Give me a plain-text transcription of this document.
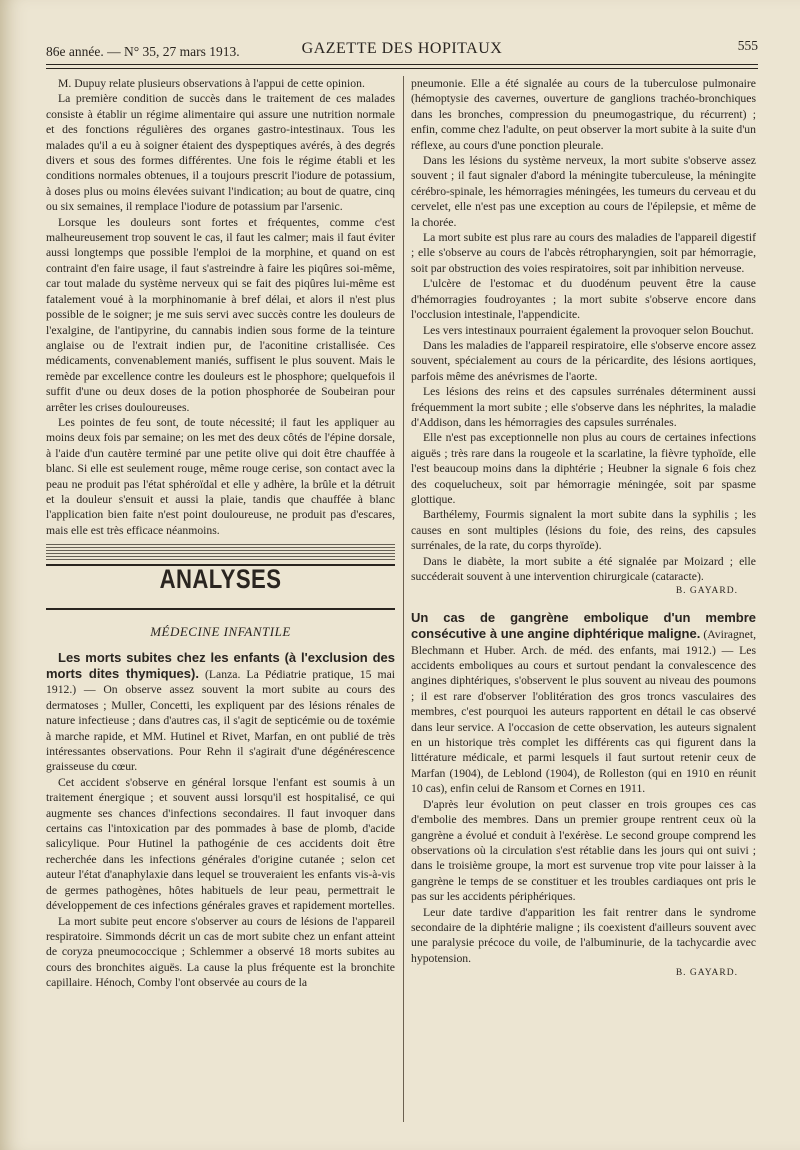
86e année. — N° 35, 27 mars 1913.	GAZETTE DES HOPITAUX	555

M. Dupuy relate plusieurs observations à l'appui de cette opinion.

La première condition de succès dans le traitement de ces malades consiste à établir un régime alimentaire qui assure une nutrition normale et des fonctions régulières des organes gastro-intestinaux. Tous les malades qu'il a eu à soigner étaient des dyspeptiques avérés, à des degrés divers et sous des formes différentes. Une fois le régime établi et les conditions normales obtenues, il a toujours prescrit l'iodure de potassium, à doses plus ou moins élevées suivant l'indication; au bout de quatre, cinq ou six semaines, il remplace l'iodure de potassium par l'arsenic.

Lorsque les douleurs sont fortes et fréquentes, comme c'est malheureusement trop souvent le cas, il faut les calmer; mais il faut éviter aussi longtemps que possible l'emploi de la morphine, et quand on est contraint d'en faire usage, il faut s'astreindre à faire les piqûres soi-même, car tout malade du système nerveux qui se fait des piqûres lui-même est fatalement voué à la morphinomanie à bref délai, et alors il n'est plus possible de le soigner; je me suis servi avec succès contre les douleurs de l'exalgine, de l'antipyrine, du cannabis indien sous forme de la teinture anglaise ou de l'extrait indien pur, de l'aconitine cristallisée. Ces médicaments, convenablement maniés, suffisent le plus souvent. Mais le remède par excellence contre les douleurs est le phosphore; quelquefois il suffit d'une ou deux doses de la potion phosphorée de Soubeiran pour arrêter les crises douloureuses.

Les pointes de feu sont, de toute nécessité; il faut les appliquer au moins deux fois par semaine; on les met des deux côtés de l'épine dorsale, à l'aide d'un cautère terminé par une petite olive qui doit être chauffée à blanc. Si elle est seulement rouge, même rouge cerise, son contact avec la peau ne produit pas l'état sphéroïdal et elle y adhère, la brûle et la détruit et la douleur s'ensuit et aussi la plaie, tandis que chauffée à blanc l'application bien faite n'est point douloureuse, ne produit pas d'escares, mais elle est très efficace néanmoins.

ANALYSES
MÉDECINE INFANTILE

Les morts subites chez les enfants (à l'exclusion des morts dites thymiques). (Lanza. La Pédiatrie pratique, 15 mai 1912.) — On observe assez souvent la mort subite au cours des dermatoses ; Muller, Concetti, les expliquent par des lésions rénales de nature infectieuse ; dans d'autres cas, il s'agit de septicémie ou de toxémie à marche rapide, et MM. Hutinel et Rivet, Marfan, en ont publié de très intéressantes observations. Pour Rehn il s'agirait d'une dégénérescence graisseuse du cœur.

Cet accident s'observe en général lorsque l'enfant est soumis à un traitement énergique ; et souvent aussi lorsqu'il est hospitalisé, ce qui augmente ses chances d'infections secondaires. Il faut invoquer dans certains cas l'intoxication par des pommades à base de plomb, d'acide salicylique. Pour Hutinel la pathogénie de ces accidents doit être recherchée dans les infections générales d'origine cutanée ; selon cet auteur l'état d'anaphylaxie dans lequel se trouveraient les enfants vis-à-vis de germes pathogènes, hôtes habituels de leur peau, permettrait le développement de ces infections générales graves et rapidement mortelles.

La mort subite peut encore s'observer au cours de lésions de l'appareil respiratoire. Simmonds décrit un cas de mort subite chez un enfant atteint de coryza pneumococcique ; Schlemmer a observé 18 morts subites au cours des bronchites aiguës. La cause la plus fréquente est la bronchite capillaire. Hénoch, Comby l'ont observée au cours de la

pneumonie. Elle a été signalée au cours de la tuberculose pulmonaire (hémoptysie des cavernes, ouverture de ganglions trachéo-bronchiques dans les bronches, compression du pneumogastrique, du récurrent) ; enfin, comme chez l'adulte, on peut observer la mort subite à la suite d'un réflexe, au cours d'une ponction pleurale.

Dans les lésions du système nerveux, la mort subite s'observe assez souvent ; il faut signaler d'abord la méningite tuberculeuse, la méningite cérébro-spinale, les hémorragies méningées, les tumeurs du cerveau et du cervelet, elle n'est pas une exception au cours de l'épilepsie, et même de la chorée.

La mort subite est plus rare au cours des maladies de l'appareil digestif ; elle s'observe au cours de l'abcès rétropharyngien, soit par hémorragie, soit par obstruction des voies respiratoires, soit par inhibition nerveuse.

L'ulcère de l'estomac et du duodénum peuvent être la cause d'hémorragies foudroyantes ; la mort subite s'observe encore dans l'occlusion intestinale, l'appendicite.

Les vers intestinaux pourraient également la provoquer selon Bouchut.

Dans les maladies de l'appareil respiratoire, elle s'observe encore assez souvent, spécialement au cours de la péricardite, des lésions aortiques, parfois même des anévrismes de l'aorte.

Les lésions des reins et des capsules surrénales déterminent aussi fréquemment la mort subite ; elle s'observe dans les néphrites, la maladie d'Addison, dans les hémorragies des capsules surrénales.

Elle n'est pas exceptionnelle non plus au cours de certaines infections aiguës ; très rare dans la rougeole et la scarlatine, la fièvre typhoïde, elle l'est beaucoup moins dans la diphtérie ; Heubner la signale 6 fois chez des coquelucheux, soit par hémorragie méningée, soit par spasme glottique.

Barthélemy, Fourmis signalent la mort subite dans la syphilis ; les causes en sont multiples (lésions du foie, des reins, des capsules surrénales, de la rate, du corps thyroïde).

Dans le diabète, la mort subite a été signalée par Moizard ; elle succéderait souvent à une intervention chirurgicale (cataracte).

B. GAYARD.

Un cas de gangrène embolique d'un membre consécutive à une angine diphtérique maligne. (Aviragnet, Blechmann et Huber. Arch. de méd. des enfants, mai 1912.) — Les accidents emboliques au cours et surtout pendant la convalescence des angines diphtériques, s'observent le plus souvent au niveau des poumons ; il est rare d'observer l'oblitération des gros troncs vasculaires des membres, c'est pourquoi les auteurs rapportent en détail le cas observé dans leur service. A l'occasion de cette observation, les auteurs signalent en un historique très complet les différents cas qui figurent dans la littérature médicale, et parmi lesquels il faut surtout retenir ceux de Marfan (1904), de Leblond (1904), de Rolleston (qui en 1910 en réunit 10 cas), enfin celui de Ransom et Cornes en 1911.

D'après leur évolution on peut classer en trois groupes ces cas d'embolie des membres. Dans un premier groupe rentrent ceux où la gangrène a évolué et conduit à l'exérèse. Le second groupe comprend les observations où la circulation s'est rétablie dans les jours qui ont suivi ; dans le troisième groupe, la mort est survenue trop vite pour laisser à la gangrène le temps de se constituer et les troubles cardiaques ont pris le pas sur les accidents périphériques.

Leur date tardive d'apparition les fait rentrer dans le syndrome secondaire de la diphtérie maligne ; ils coexistent d'ailleurs souvent avec une paralysie précoce du voile, de l'albuminurie, de la tachycardie avec hypotension.

B. GAYARD.
